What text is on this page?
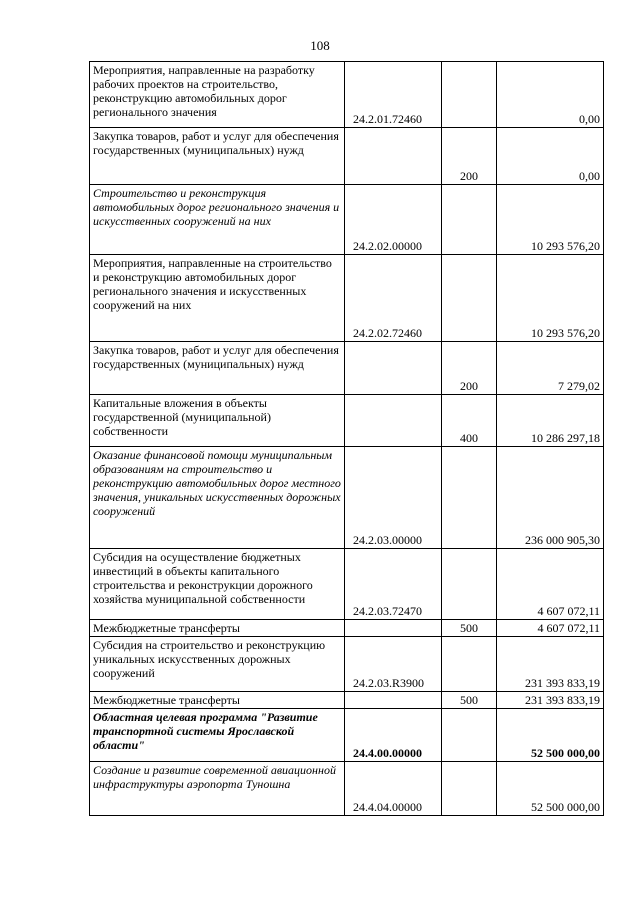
108
Мероприятия, направленные на разработку рабочих проектов на строительство, реконструкцию автомобильных дорог регионального значения	24.2.01.72460		0,00
Закупка товаров, работ и услуг для обеспечения государственных (муниципальных) нужд		200	0,00
Строительство и реконструкция автомобильных дорог регионального значения и искусственных сооружений на них	24.2.02.00000		10 293 576,20
Мероприятия, направленные на строительство и реконструкцию автомобильных дорог регионального значения и искусственных сооружений на них	24.2.02.72460		10 293 576,20
Закупка товаров, работ и услуг для обеспечения государственных (муниципальных) нужд		200	7 279,02
Капитальные вложения в объекты государственной (муниципальной) собственности		400	10 286 297,18
Оказание финансовой помощи муниципальным образованиям на строительство и реконструкцию автомобильных дорог местного значения, уникальных искусственных дорожных сооружений	24.2.03.00000		236 000 905,30
Субсидия на осуществление бюджетных инвестиций в объекты капитального строительства и реконструкции дорожного хозяйства муниципальной собственности	24.2.03.72470		4 607 072,11
Межбюджетные трансферты		500	4 607 072,11
Субсидия на строительство и реконструкцию уникальных искусственных дорожных сооружений	24.2.03.R3900		231 393 833,19
Межбюджетные трансферты		500	231 393 833,19
Областная целевая программа "Развитие транспортной системы Ярославской области"	24.4.00.00000		52 500 000,00
Создание и развитие современной авиационной инфраструктуры аэропорта Туношна	24.4.04.00000		52 500 000,00
